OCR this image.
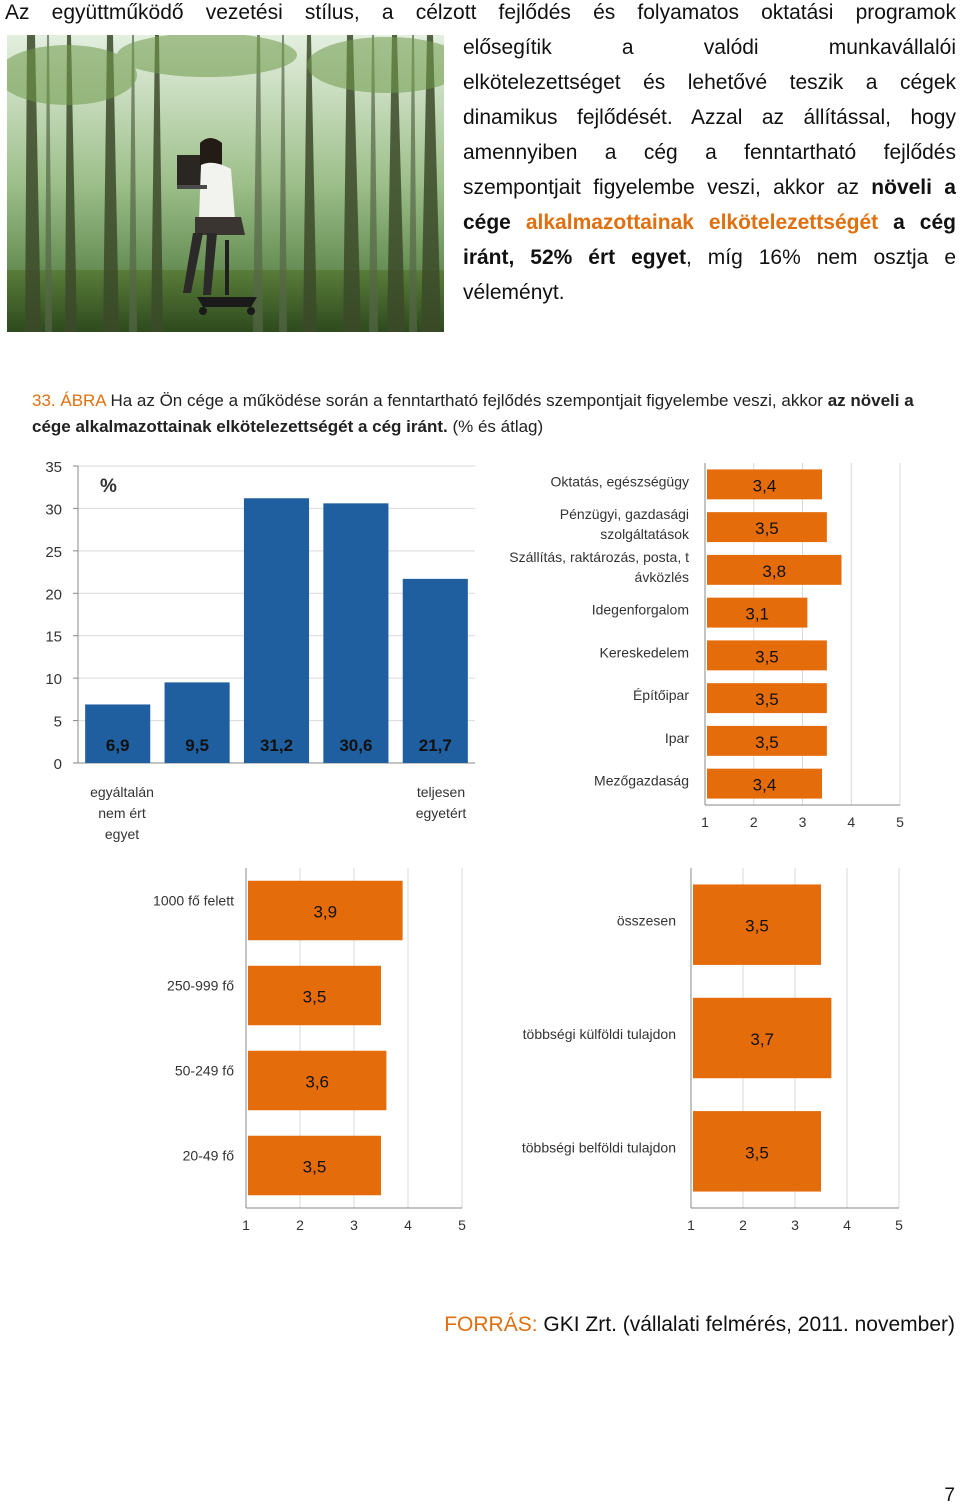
Az együttműködő vezetési stílus, a célzott fejlődés és folyamatos oktatási programok
elősegítik a valódi munkavállalói
elkötelezettséget és lehetővé teszik a cégek
dinamikus fejlődését. Azzal az állítással, hogy
amennyiben a cég a fenntartható fejlődés
szempontjait figyelembe veszi, akkor az növeli a
cége alkalmazottainak elkötelezettségét a cég
iránt, 52% ért egyet, míg 16% nem osztja e
véleményt.
33. ÁBRA Ha az Ön cége a működése során a fenntartható fejlődés szempontjait figyelembe veszi, akkor az növeli a cége alkalmazottainak elkötelezettségét a cég iránt. (% és átlag)
0
5
10
15
20
25
30
35
%
6,9	9,5	31,2	30,6	21,7
egyáltalán
nem ért
egyet
teljesen
egyetért
1	2	3	4	5
3,4
Oktatás, egészségügy
3,5
Pénzügyi, gazdasági
szolgáltatások
3,8
Szállítás, raktározás, posta, t
ávközlés
3,1
Idegenforgalom
3,5
Kereskedelem
3,5
Építőipar
3,5
Ipar
3,4
Mezőgazdaság
1	2	3	4	5
3,9
1000 fő felett
3,5
250-999 fő
3,6
50-249 fő
3,5
20-49 fő
1	2	3	4	5
3,5
összesen
3,7
többségi külföldi tulajdon
3,5
többségi belföldi tulajdon
FORRÁS: GKI Zrt. (vállalati felmérés, 2011. november)
7
